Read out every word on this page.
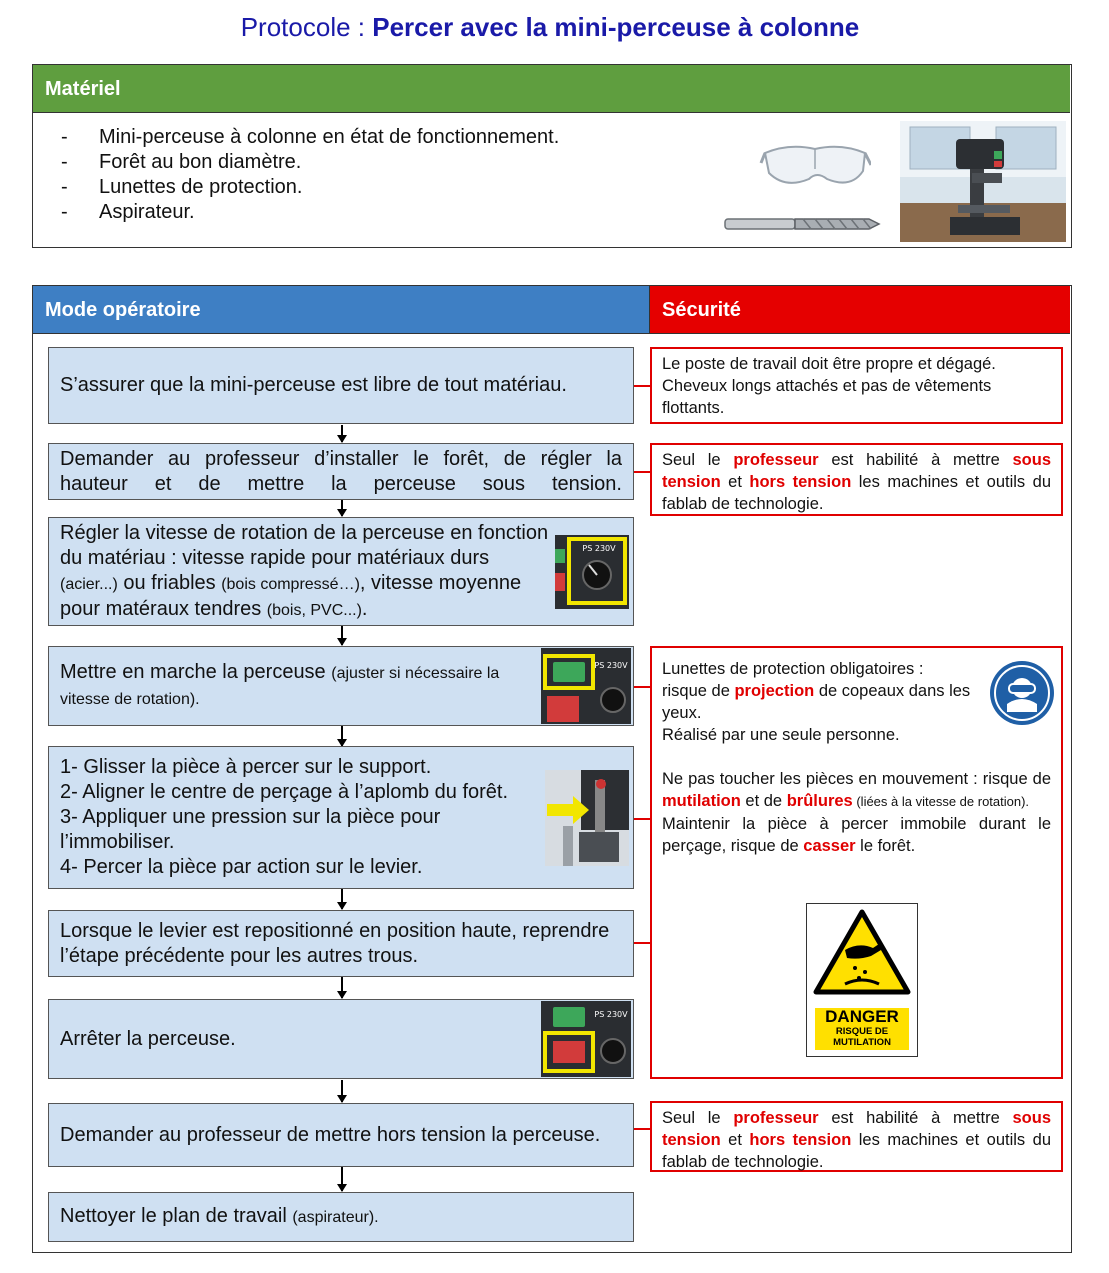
Protocole : Percer avec la mini-perceuse à colonne
Matériel
- Mini-perceuse à colonne en état de fonctionnement.
- Forêt au bon diamètre.
- Lunettes de protection.
- Aspirateur.
Mode opératoire	Sécurité
S’assurer que la mini-perceuse est libre de tout matériau.
Demander au professeur d’installer le forêt, de régler la hauteur et de mettre la perceuse sous tension.
Régler la vitesse de rotation de la perceuse en fonction du matériau : vitesse rapide pour matériaux durs (acier...) ou friables (bois compressé…), vitesse moyenne pour matéraux tendres (bois, PVC...).
PS 230V
Mettre en marche la perceuse (ajuster si nécessaire la vitesse de rotation).
PS 230V
1- Glisser la pièce à percer sur le support.
2- Aligner le centre de perçage à l’aplomb du forêt.
3- Appliquer une pression sur la pièce pour l’immobiliser.
4- Percer la pièce par action sur le levier.
Lorsque le levier est repositionné en position haute, reprendre l’étape précédente pour les autres trous.
Arrêter la perceuse.
PS 230V
Demander au professeur de mettre hors tension la perceuse.
Nettoyer le plan de travail (aspirateur).
Le poste de travail doit être propre et dégagé. Cheveux longs attachés et pas de vêtements flottants.
Seul le professeur est habilité à mettre sous tension et hors tension les machines et outils du fablab de technologie.
Lunettes de protection obligatoires :
risque de projection de copeaux dans les yeux.
Réalisé par une seule personne.
Ne pas toucher les pièces en mouvement : risque de mutilation et de brûlures (liées à la vitesse de rotation).
Maintenir la pièce à percer immobile durant le perçage, risque de casser le forêt.
DANGER
RISQUE DE MUTILATION
Seul le professeur est habilité à mettre sous tension et hors tension les machines et outils du fablab de technologie.
